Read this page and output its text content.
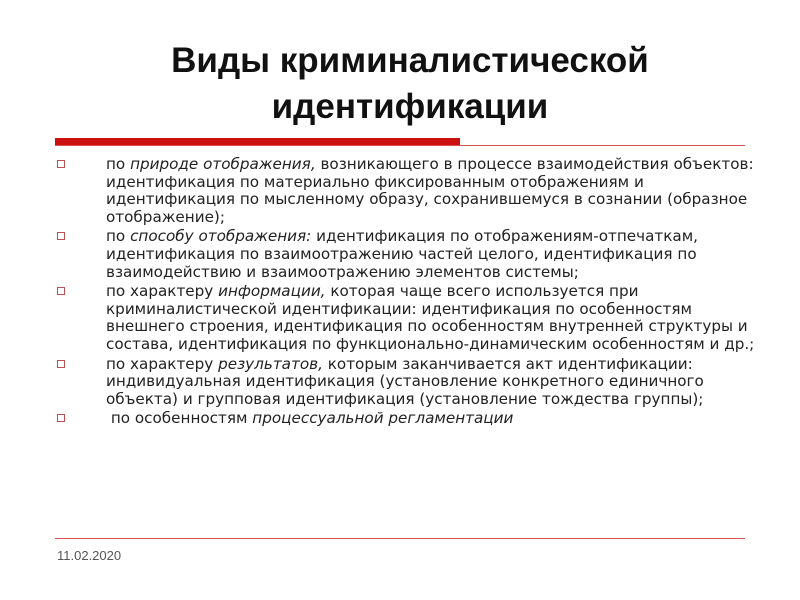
Виды криминалистической
идентификации
по природе отображения, возникающего в процессе взаимодействия объектов: идентификация по материально фиксированным отображениям и идентификация по мысленному образу, сохранившемуся в сознании (образное отображение);
по способу отображения: идентификация по отображениям-отпечаткам, идентификация по взаимоотражению частей целого, идентификация по взаимодействию и взаимоотражению элементов системы;
по характеру информации, которая чаще всего используется при криминалистической идентификации: идентификация по особенностям внешнего строения, идентификация по особенностям внутренней структуры и состава, идентификация по функционально-динамическим особенностям и др.;
по характеру результатов, которым заканчивается акт идентификации: индивидуальная идентификация (установление конкретного единичного объекта) и групповая идентификация (установление тождества группы);
по особенностям процессуальной регламентации
11.02.2020
